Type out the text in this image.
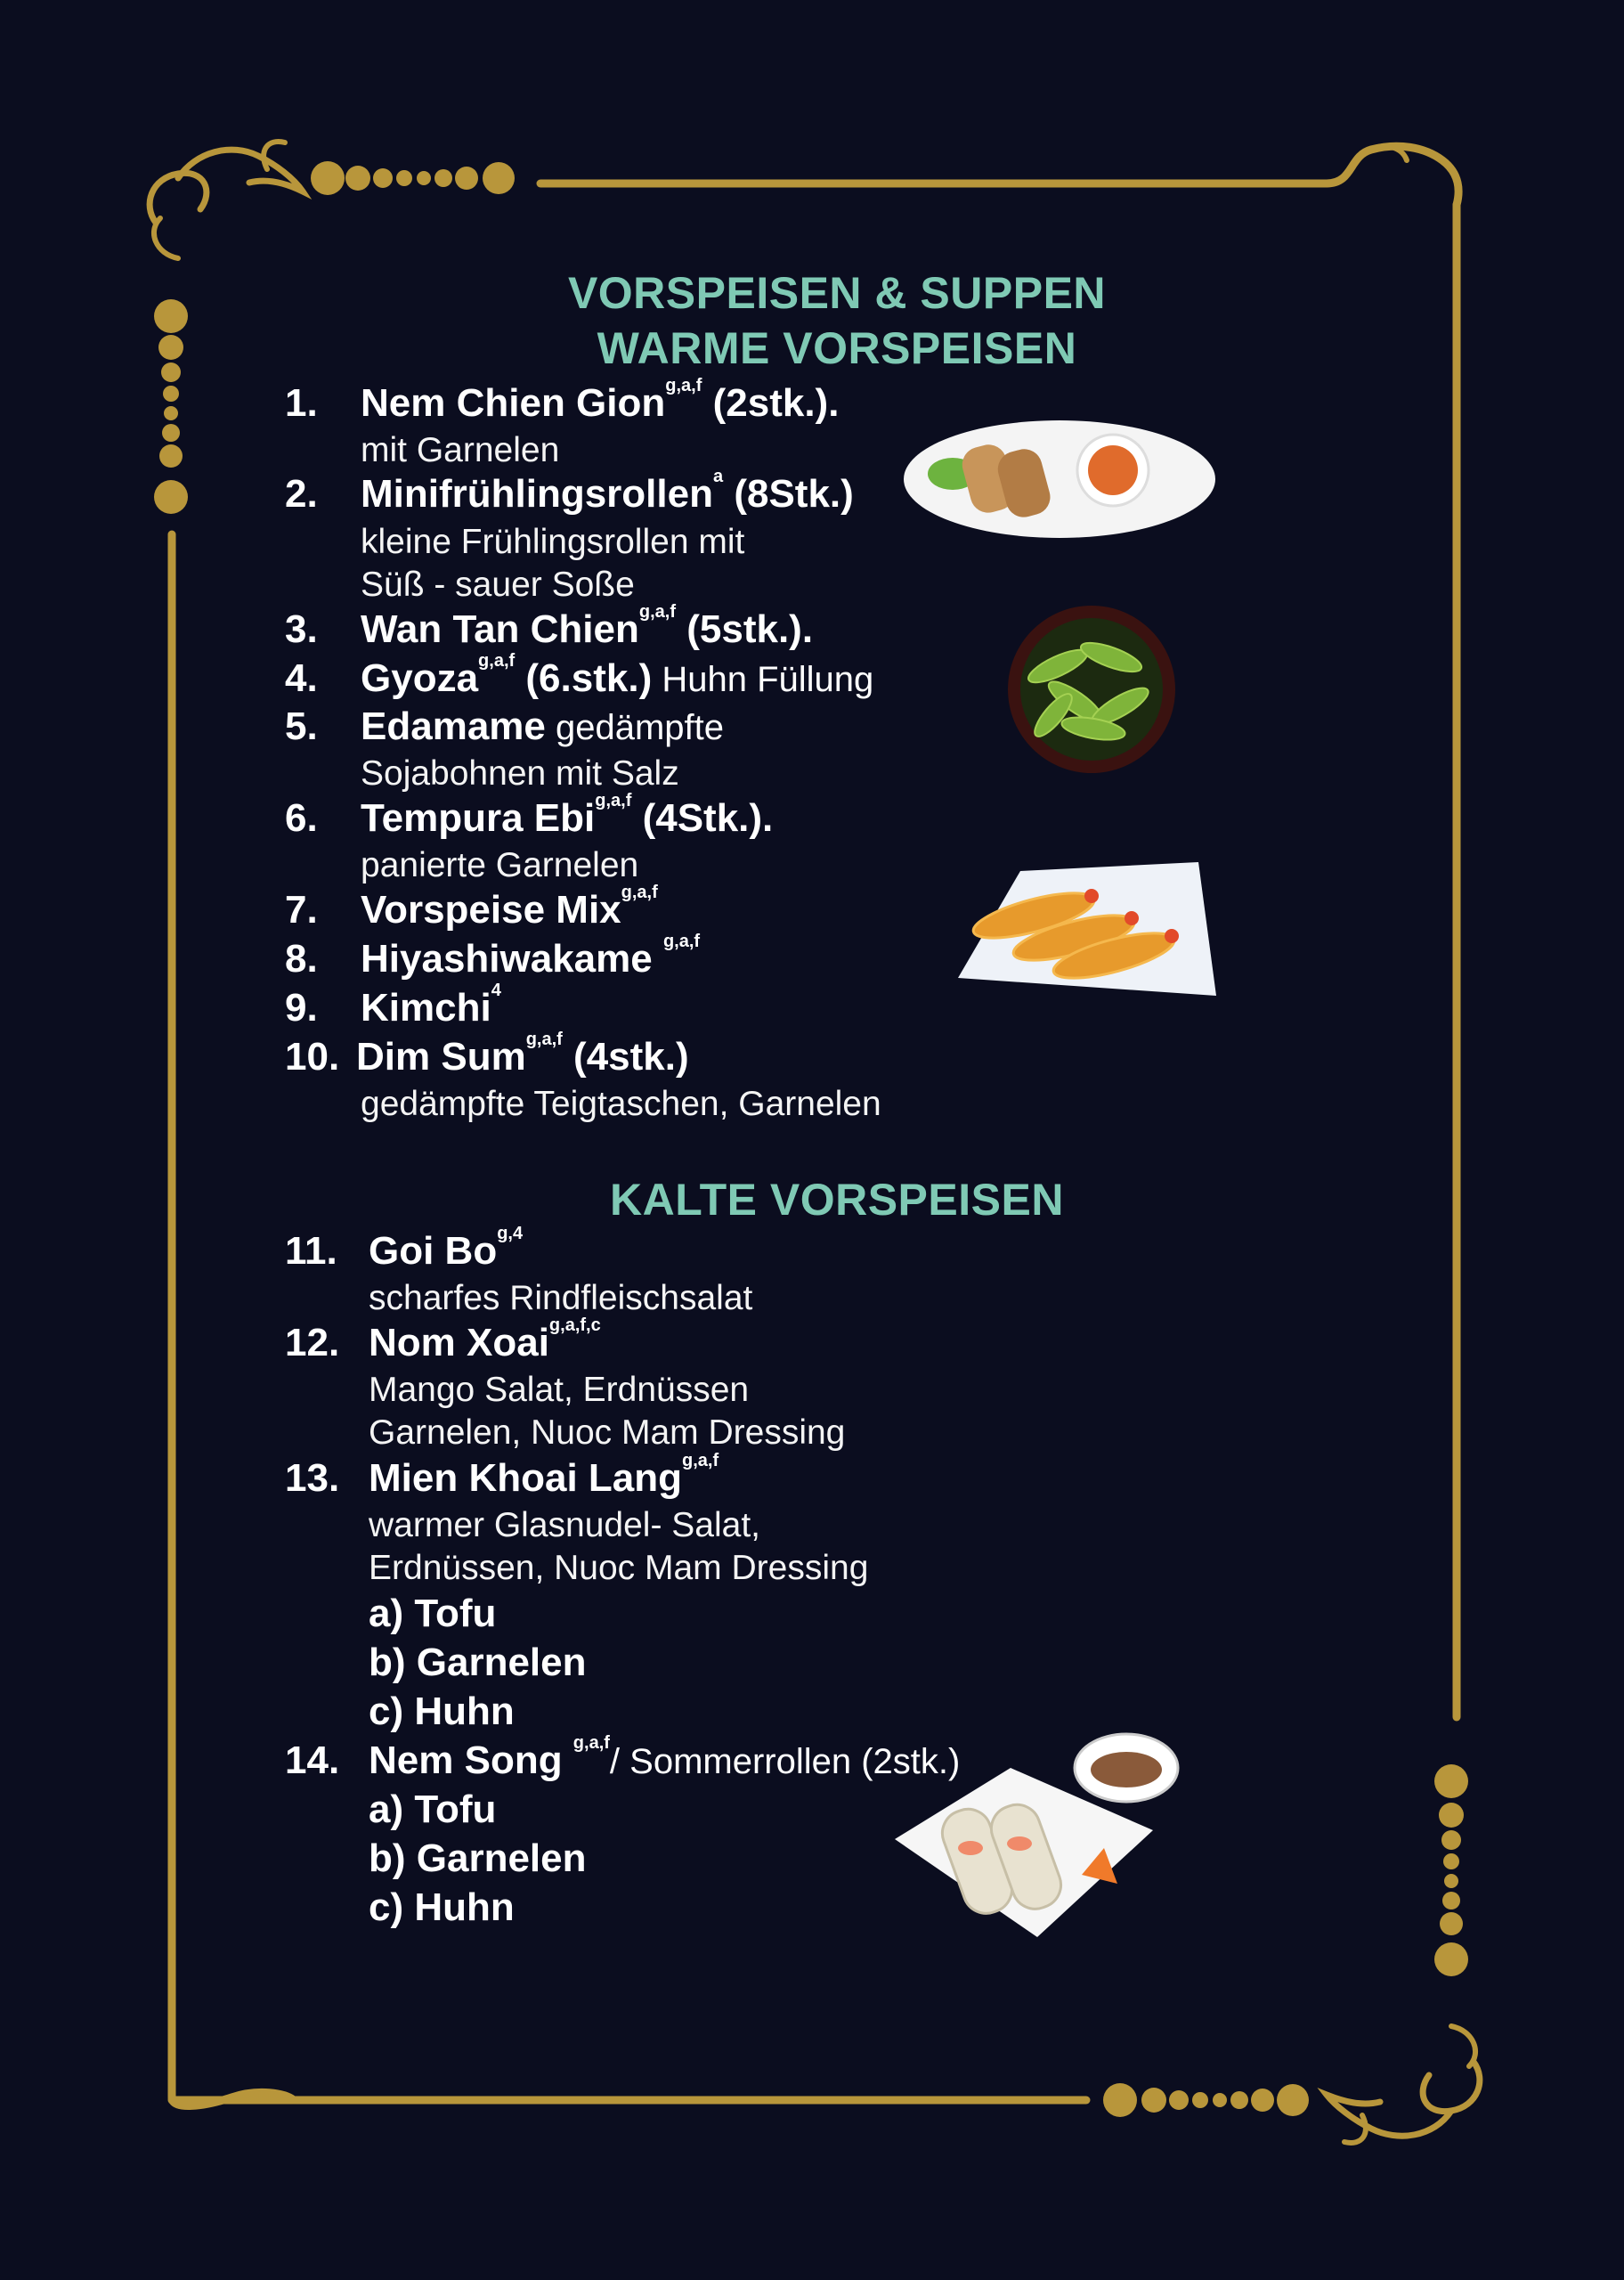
VORSPEISEN & SUPPEN
WARME VORSPEISEN
KALTE VORSPEISEN
1. Nem Chien Gion$^{g,a,f}$ (2stk.).
mit Garnelen
2. Minifrühlingsrollen$^a$ (8Stk.)
kleine Frühlingsrollen mit
Süß - sauer Soße
3. Wan Tan Chien$^{g,a,f}$ (5stk.).
4. Gyoza$^{g,a,f}$ (6.stk.) Huhn Füllung
5. Edamame gedämpfte
Sojabohnen mit Salz
6. Tempura Ebi$^{g,a,f}$ (4Stk.).
panierte Garnelen
7. Vorspeise Mix$^{g,a,f}$
8. Hiyashiwakame $^{g,a,f}$
9. Kimchi$^4$
10. Dim Sum$^{g,a,f}$ (4stk.)
gedämpfte Teigtaschen, Garnelen
11. Goi Bo$^{g,4}$
scharfes Rindfleischsalat
12. Nom Xoai$^{g,a,f,c}$
Mango Salat, Erdnüssen
Garnelen, Nuoc Mam Dressing
13. Mien Khoai Lang$^{g,a,f}$
warmer Glasnudel- Salat,
Erdnüssen, Nuoc Mam Dressing
a) Tofu
b) Garnelen
c) Huhn
14. Nem Song $^{g,a,f}$/ Sommerrollen (2stk.)
a) Tofu
b) Garnelen
c) Huhn
